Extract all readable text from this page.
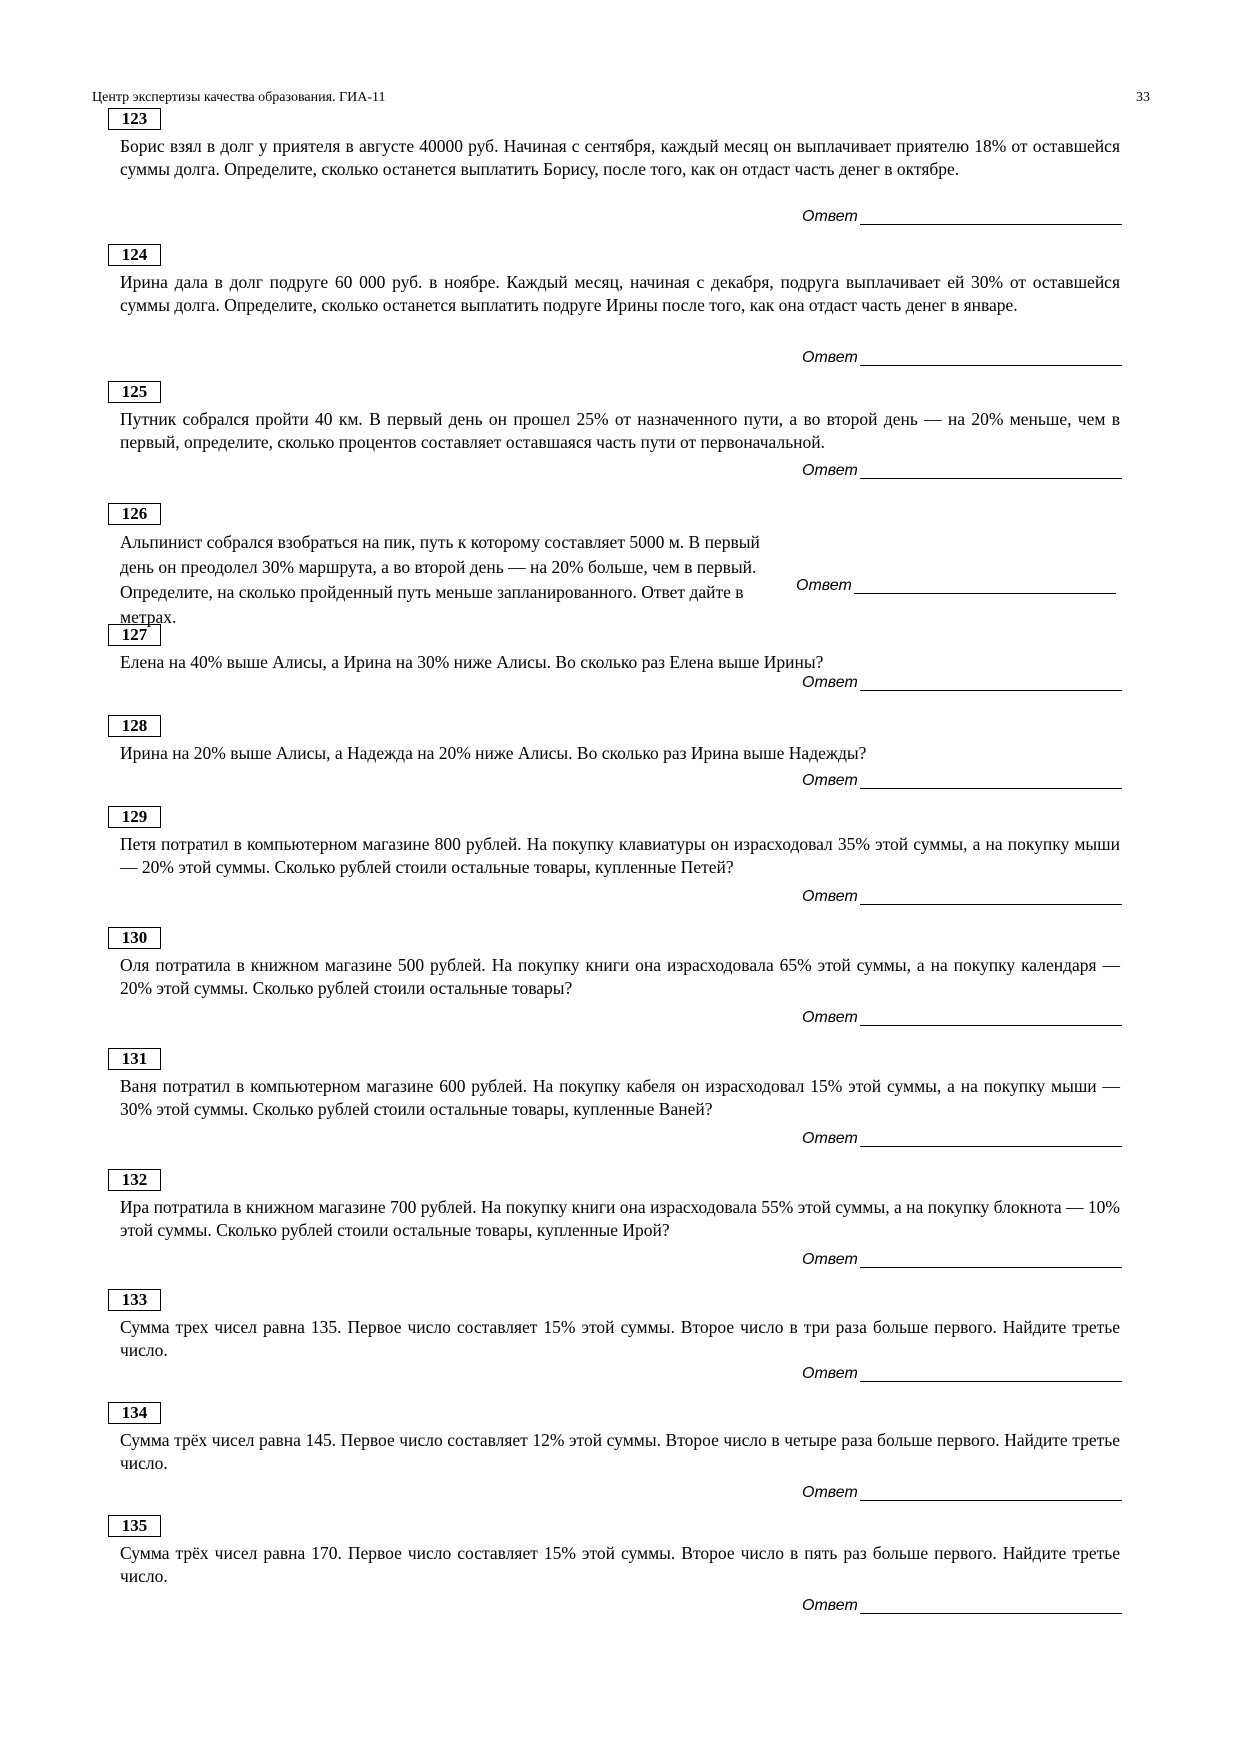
Центр экспертизы качества образования. ГИА-11	33
123
Борис взял в долг у приятеля в августе 40000 руб. Начиная с сентября, каждый месяц он выплачивает приятелю 18% от оставшейся суммы долга. Определите, сколько останется выплатить Борису, после того, как он отдаст часть денег в октябре.
Ответ
124
Ирина дала в долг подруге 60 000 руб. в ноябре. Каждый месяц, начиная с декабря, подруга выплачивает ей 30% от оставшейся суммы долга. Определите, сколько останется выплатить подруге Ирины после того, как она отдаст часть денег в январе.
Ответ
125
Путник собрался пройти 40 км. В первый день он прошел 25% от назначенного пути, а во второй день — на 20% меньше, чем в первый, определите, сколько процентов составляет оставшаяся часть пути от первоначальной.
Ответ
126
Альпинист собрался взобраться на пик, путь к которому составляет 5000 м. В первый день он преодолел 30% маршрута, а во второй день — на 20% больше, чем в первый. Определите, на сколько пройденный путь меньше запланированного. Ответ дайте в метрах.
Ответ
127
Елена на 40% выше Алисы, а Ирина на 30% ниже Алисы. Во сколько раз Елена выше Ирины?
Ответ
128
Ирина на 20% выше Алисы, а Надежда на 20% ниже Алисы. Во сколько раз Ирина выше Надежды?
Ответ
129
Петя потратил в компьютерном магазине 800 рублей. На покупку клавиатуры он израсходовал 35% этой суммы, а на покупку мыши — 20% этой суммы. Сколько рублей стоили остальные товары, купленные Петей?
Ответ
130
Оля потратила в книжном магазине 500 рублей. На покупку книги она израсходовала 65% этой суммы, а на покупку календаря — 20% этой суммы. Сколько рублей стоили остальные товары?
Ответ
131
Ваня потратил в компьютерном магазине 600 рублей. На покупку кабеля он израсходовал 15% этой суммы, а на покупку мыши — 30% этой суммы. Сколько рублей стоили остальные товары, купленные Ваней?
Ответ
132
Ира потратила в книжном магазине 700 рублей. На покупку книги она израсходовала 55% этой суммы, а на покупку блокнота — 10% этой суммы. Сколько рублей стоили остальные товары, купленные Ирой?
Ответ
133
Сумма трех чисел равна 135. Первое число составляет 15% этой суммы. Второе число в три раза больше первого. Найдите третье число.
Ответ
134
Сумма трёх чисел равна 145. Первое число составляет 12% этой суммы. Второе число в четыре раза больше первого. Найдите третье число.
Ответ
135
Сумма трёх чисел равна 170. Первое число составляет 15% этой суммы. Второе число в пять раз больше первого. Найдите третье число.
Ответ
